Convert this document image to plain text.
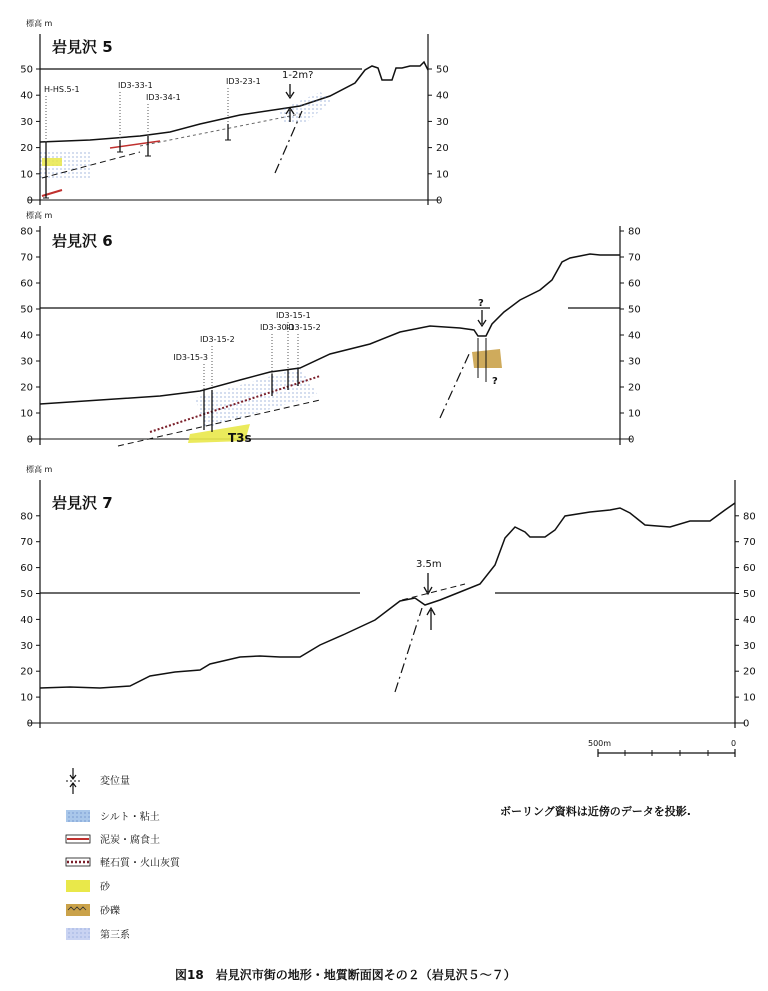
標高 m
岩見沢 5
0
10
20
30
40
50
0
10
20
30
40
50
H-HS.5-1	ID3-33-1
ID3-34-1
ID3-23-1
1-2m?
標高 m
岩見沢 6
0
10
20
30
40
50
60
70
80
0
10
20
30
40
50
60
70
80
ID3-15-3
ID3-15-2
ID3-30-1
ID3-15-1
ID3-15-2
T3s
?
?
標高 m
岩見沢 7
0
10
20
30
40
50
60
70
80
0
10
20
30
40
50
60
70
80
3.5m
500m	0
変位量
シルト・粘土
泥炭・腐食土
軽石質・火山灰質
砂
砂礫
第三系
ボーリング資料は近傍のデータを投影.
図18　岩見沢市街の地形・地質断面図その２（岩見沢５～７）
